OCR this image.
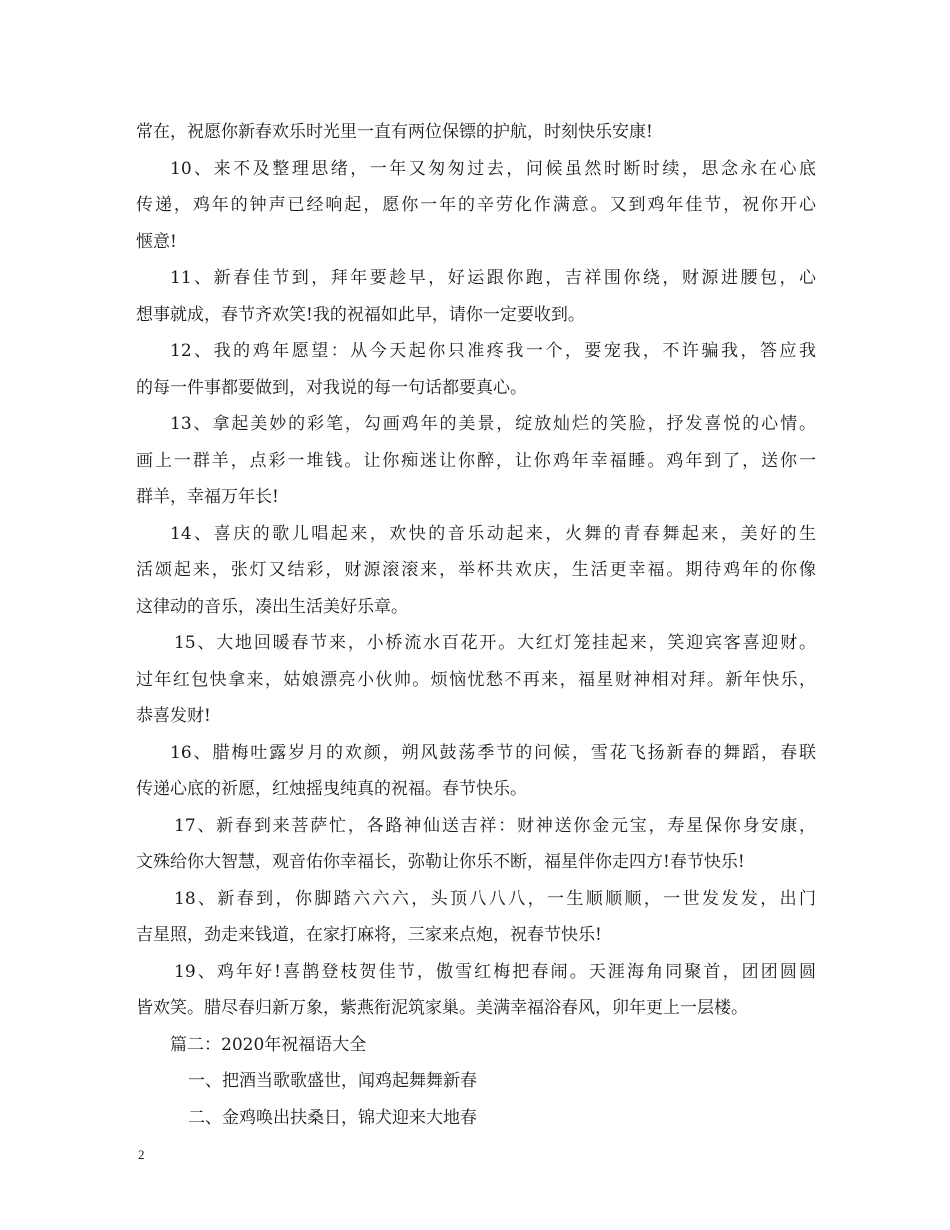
常在，祝愿你新春欢乐时光里一直有两位保镖的护航，时刻快乐安康!
10、来不及整理思绪，一年又匆匆过去，问候虽然时断时续，思念永在心底
传递，鸡年的钟声已经响起，愿你一年的辛劳化作满意。又到鸡年佳节，祝你开心
惬意!
11、新春佳节到，拜年要趁早，好运跟你跑，吉祥围你绕，财源进腰包，心
想事就成，春节齐欢笑!我的祝福如此早，请你一定要收到。
12、我的鸡年愿望：从今天起你只准疼我一个，要宠我，不许骗我，答应我
的每一件事都要做到，对我说的每一句话都要真心。
13、拿起美妙的彩笔，勾画鸡年的美景，绽放灿烂的笑脸，抒发喜悦的心情。
画上一群羊，点彩一堆钱。让你痴迷让你醉，让你鸡年幸福睡。鸡年到了，送你一
群羊，幸福万年长!
14、喜庆的歌儿唱起来，欢快的音乐动起来，火舞的青春舞起来，美好的生
活颂起来，张灯又结彩，财源滚滚来，举杯共欢庆，生活更幸福。期待鸡年的你像
这律动的音乐，凑出生活美好乐章。
15、大地回暖春节来，小桥流水百花开。大红灯笼挂起来，笑迎宾客喜迎财。
过年红包快拿来，姑娘漂亮小伙帅。烦恼忧愁不再来，福星财神相对拜。新年快乐，
恭喜发财!
16、腊梅吐露岁月的欢颜，朔风鼓荡季节的问候，雪花飞扬新春的舞蹈，春联
传递心底的祈愿，红烛摇曳纯真的祝福。春节快乐。
17、新春到来菩萨忙，各路神仙送吉祥：财神送你金元宝，寿星保你身安康，
文殊给你大智慧，观音佑你幸福长，弥勒让你乐不断，福星伴你走四方!春节快乐!
18、新春到，你脚踏六六六，头顶八八八，一生顺顺顺，一世发发发，出门
吉星照，劲走来钱道，在家打麻将，三家来点炮，祝春节快乐!
19、鸡年好!喜鹊登枝贺佳节，傲雪红梅把春闹。天涯海角同聚首，团团圆圆
皆欢笑。腊尽春归新万象，紫燕衔泥筑家巢。美满幸福浴春风，卯年更上一层楼。
篇二：2020年祝福语大全
一、把酒当歌歌盛世，闻鸡起舞舞新春
二、金鸡唤出扶桑日，锦犬迎来大地春
2
